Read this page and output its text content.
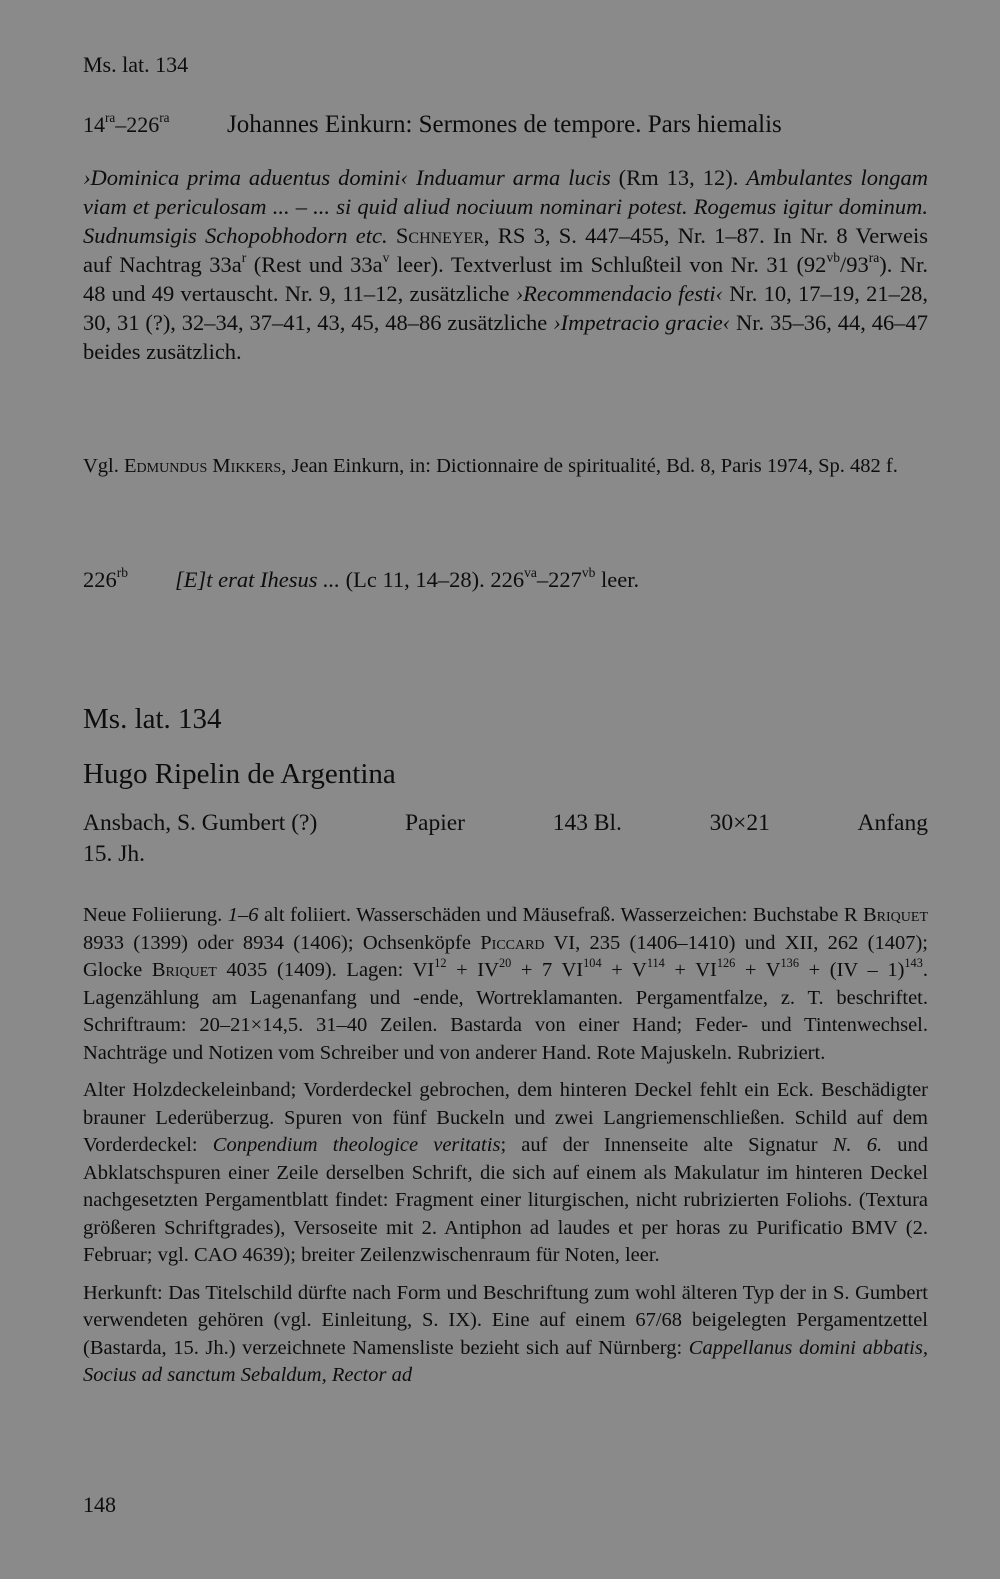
Ms. lat. 134
$14^{ra}-226^{ra}$ Johannes Einkurn: Sermones de tempore. Pars hiemalis

›Dominica prima aduentus domini‹ Induamur arma lucis (Rm 13, 12). Ambulantes longam viam et periculosam ... – ... si quid aliud nociuum nominari potest. Rogemus igitur dominum. Sudnumsigis Schopobhodorn etc. Schneyer, RS 3, S. 447–455, Nr. 1–87. In Nr. 8 Verweis auf Nachtrag $33a^r$ (Rest und $33a^v$ leer). Textverlust im Schlußteil von Nr. 31 $(92^{vb}/93^{ra})$. Nr. 48 und 49 vertauscht. Nr. 9, 11–12, zusätzliche ›Recommendacio festi‹ Nr. 10, 17–19, 21–28, 30, 31 (?), 32–34, 37–41, 43, 45, 48–86 zusätzliche ›Impetracio gracie‹ Nr. 35–36, 44, 46–47 beides zusätzlich.

Vgl. Edmundus Mikkers, Jean Einkurn, in: Dictionnaire de spiritualité, Bd. 8, Paris 1974, Sp. 482 f.

$226^{rb}$ [E]t erat Ihesus ... (Lc 11, 14–28). $226^{va}-227^{vb}$ leer.
Ms. lat. 134
Hugo Ripelin de Argentina
Ansbach, S. Gumbert (?)	Papier	143 Bl.	30×21	Anfang
15. Jh.

Neue Foliierung. 1–6 alt foliiert. Wasserschäden und Mäusefraß. Wasserzeichen: Buchstabe R Briquet 8933 (1399) oder 8934 (1406); Ochsenköpfe Piccard VI, 235 (1406–1410) und XII, 262 (1407); Glocke Briquet 4035 (1409). Lagen: $VI^{12} + IV^{20} + 7$ $VI^{104} + V^{114} + VI^{126} + V^{136} + (IV - 1)^{143}$. Lagenzählung am Lagenanfang und -ende, Wortreklamanten. Pergamentfalze, z. T. beschriftet. Schriftraum: 20–21×14,5. 31–40 Zeilen. Bastarda von einer Hand; Feder- und Tintenwechsel. Nachträge und Notizen vom Schreiber und von anderer Hand. Rote Majuskeln. Rubriziert.

Alter Holzdeckeleinband; Vorderdeckel gebrochen, dem hinteren Deckel fehlt ein Eck. Beschädigter brauner Lederüberzug. Spuren von fünf Buckeln und zwei Langriemenschließen. Schild auf dem Vorderdeckel: Conpendium theologice veritatis; auf der Innenseite alte Signatur N. 6. und Abklatschspuren einer Zeile derselben Schrift, die sich auf einem als Makulatur im hinteren Deckel nachgesetzten Pergamentblatt findet: Fragment einer liturgischen, nicht rubrizierten Foliohs. (Textura größeren Schriftgrades), Versoseite mit 2. Antiphon ad laudes et per horas zu Purificatio BMV (2. Februar; vgl. CAO 4639); breiter Zeilenzwischenraum für Noten, leer.

Herkunft: Das Titelschild dürfte nach Form und Beschriftung zum wohl älteren Typ der in S. Gumbert verwendeten gehören (vgl. Einleitung, S. IX). Eine auf einem 67/68 beigelegten Pergamentzettel (Bastarda, 15. Jh.) verzeichnete Namensliste bezieht sich auf Nürnberg: Cappellanus domini abbatis, Socius ad sanctum Sebaldum, Rector ad

148
